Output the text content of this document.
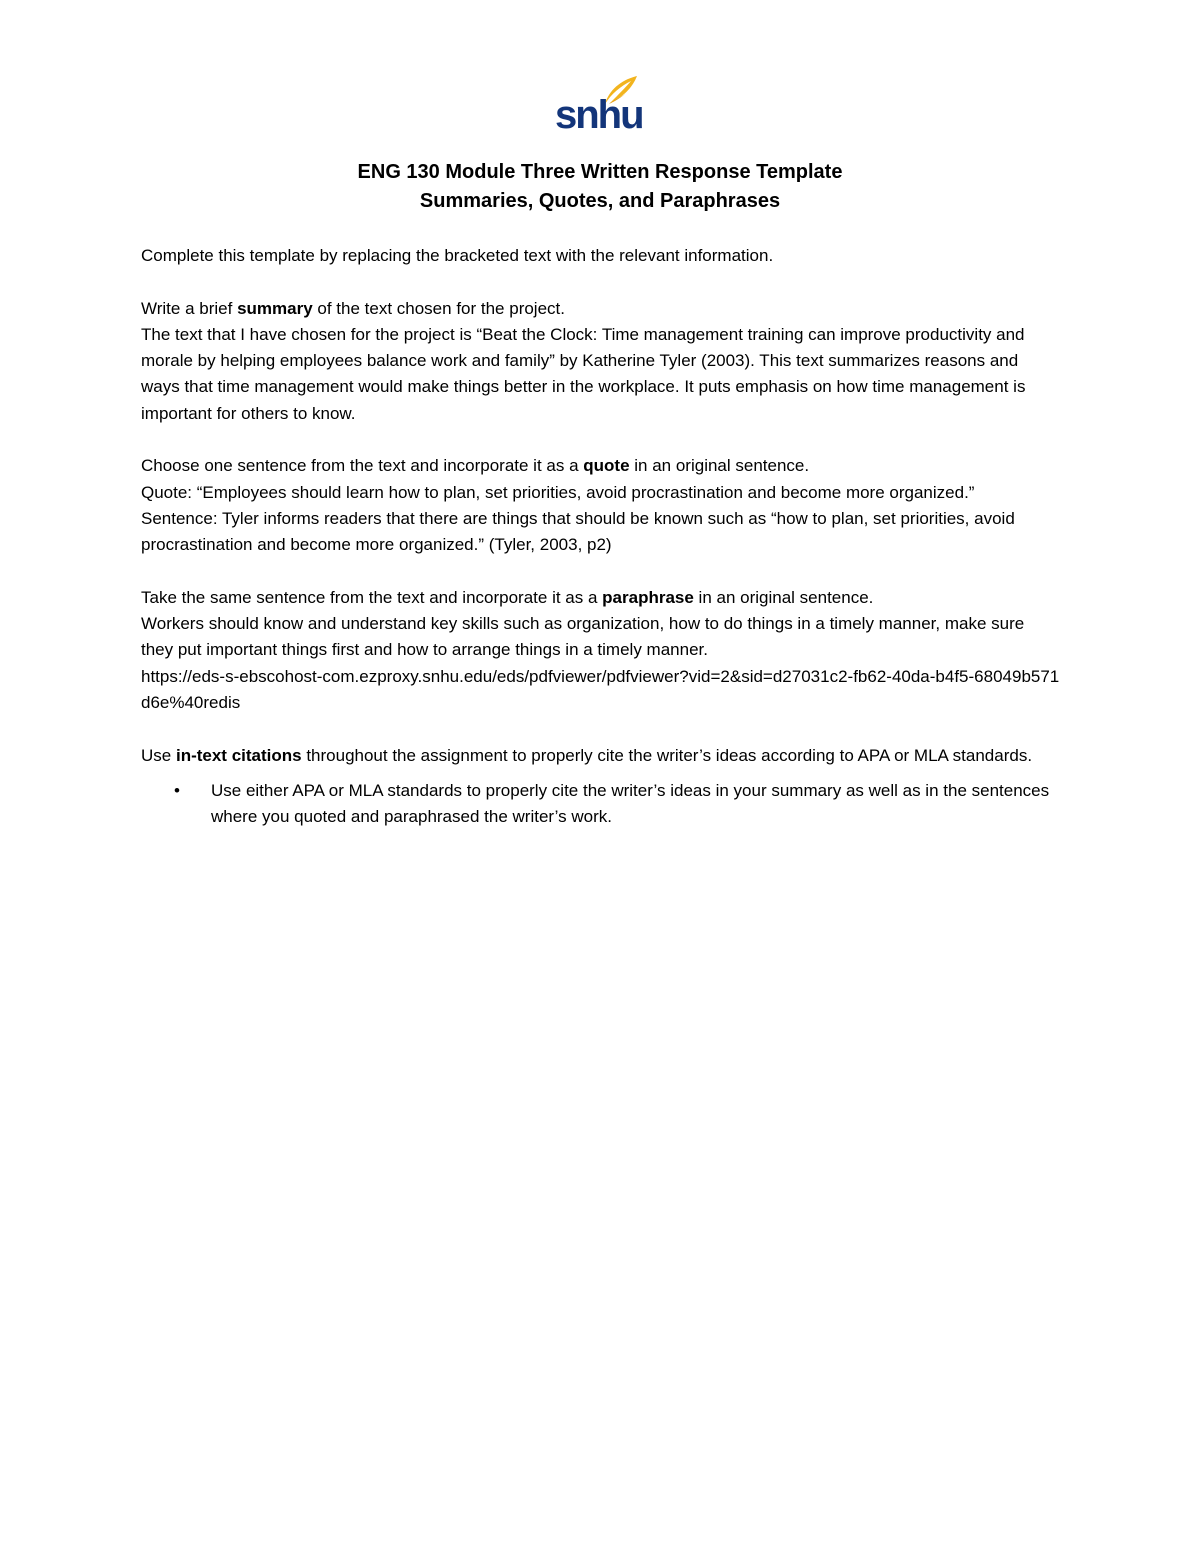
snhu
ENG 130 Module Three Written Response Template
Summaries, Quotes, and Paraphrases

Complete this template by replacing the bracketed text with the relevant information.

Write a brief summary of the text chosen for the project.

The text that I have chosen for the project is “Beat the Clock: Time management training can improve productivity and morale by helping employees balance work and family” by Katherine Tyler (2003). This text summarizes reasons and ways that time management would make things better in the workplace. It puts emphasis on how time management is important for others to know.

Choose one sentence from the text and incorporate it as a quote in an original sentence.

Quote: “Employees should learn how to plan, set priorities, avoid procrastination and become more organized.”

Sentence: Tyler informs readers that there are things that should be known such as “how to plan, set priorities, avoid procrastination and become more organized.” (Tyler, 2003, p2)

Take the same sentence from the text and incorporate it as a paraphrase in an original sentence.

Workers should know and understand key skills such as organization, how to do things in a timely manner, make sure they put important things first and how to arrange things in a timely manner.

https://eds-s-ebscohost-com.ezproxy.snhu.edu/eds/pdfviewer/pdfviewer?vid=2&sid=d27031c2-fb62-40da-b4f5-68049b571d6e%40redis

Use in-text citations throughout the assignment to properly cite the writer’s ideas according to APA or MLA standards.

•	Use either APA or MLA standards to properly cite the writer’s ideas in your summary as well as in the sentences where you quoted and paraphrased the writer’s work.
